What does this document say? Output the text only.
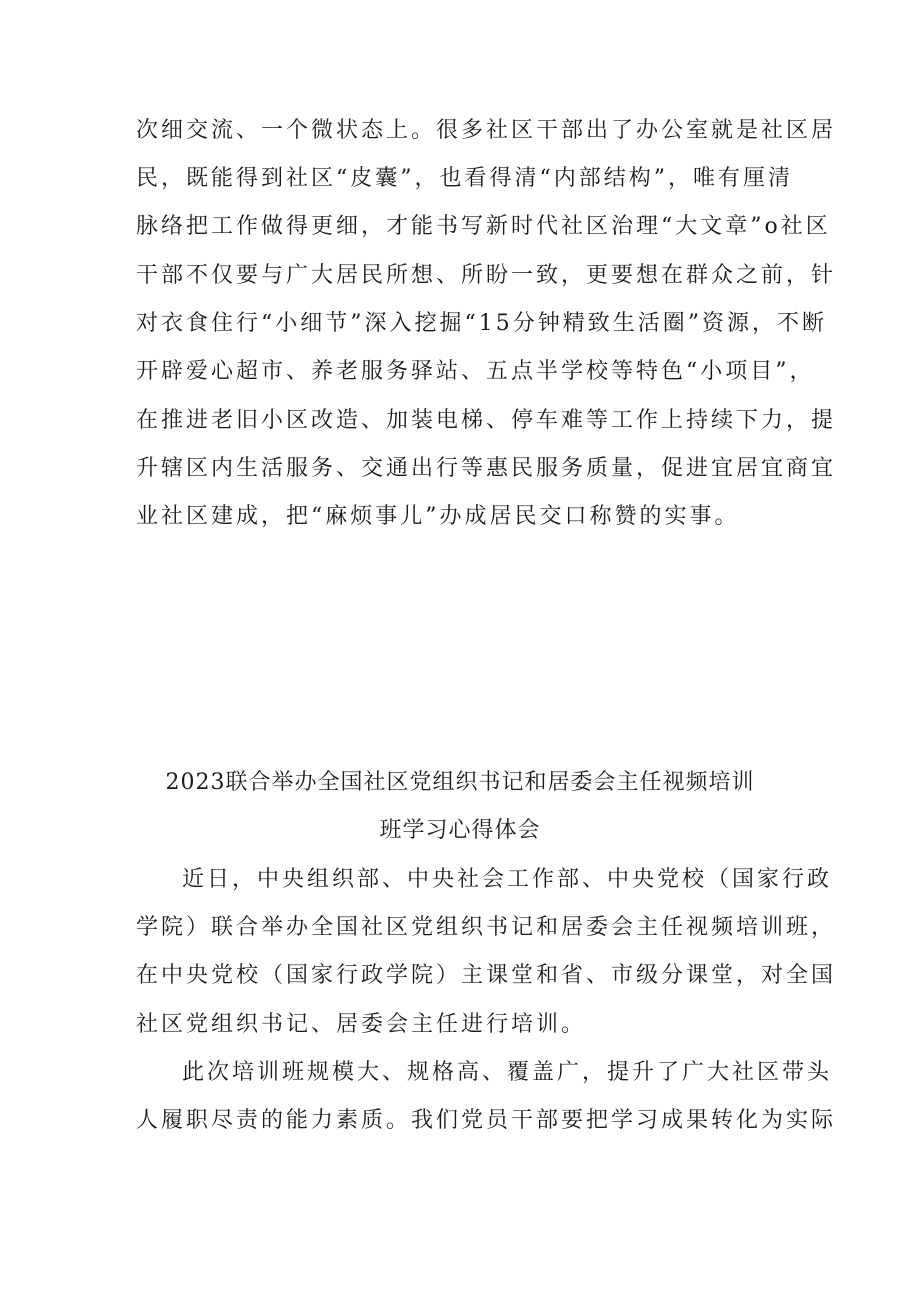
次细交流、一个微状态上。很多社区干部出了办公室就是社区居
民，既能得到社区“皮囊”，也看得清“内部结构”，唯有厘清
脉络把工作做得更细，才能书写新时代社区治理“大文章”o社区
干部不仅要与广大居民所想、所盼一致，更要想在群众之前，针
对衣食住行“小细节”深入挖掘“15分钟精致生活圈”资源，不断
开辟爱心超市、养老服务驿站、五点半学校等特色“小项目”，
在推进老旧小区改造、加装电梯、停车难等工作上持续下力，提
升辖区内生活服务、交通出行等惠民服务质量，促进宜居宜商宜
业社区建成，把“麻烦事儿”办成居民交口称赞的实事。
2023联合举办全国社区党组织书记和居委会主任视频培训
班学习心得体会
近日，中央组织部、中央社会工作部、中央党校（国家行政
学院）联合举办全国社区党组织书记和居委会主任视频培训班，
在中央党校（国家行政学院）主课堂和省、市级分课堂，对全国
社区党组织书记、居委会主任进行培训。
此次培训班规模大、规格高、覆盖广，提升了广大社区带头
人履职尽责的能力素质。我们党员干部要把学习成果转化为实际
